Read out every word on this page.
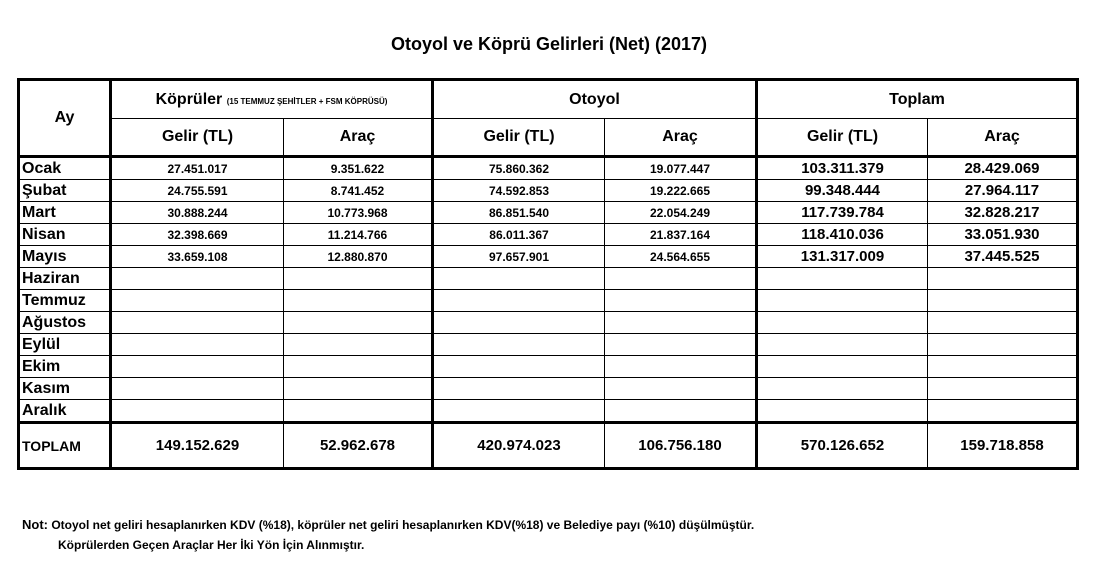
Otoyol ve Köprü Gelirleri (Net) (2017)
Ay	Köprüler (15 TEMMUZ ŞEHİTLER + FSM KÖPRÜSÜ)		Otoyol		Toplam	
	Gelir (TL)	Araç	Gelir (TL)	Araç	Gelir (TL)	Araç
Ocak	27.451.017	9.351.622	75.860.362	19.077.447	103.311.379	28.429.069
Şubat	24.755.591	8.741.452	74.592.853	19.222.665	99.348.444	27.964.117
Mart	30.888.244	10.773.968	86.851.540	22.054.249	117.739.784	32.828.217
Nisan	32.398.669	11.214.766	86.011.367	21.837.164	118.410.036	33.051.930
Mayıs	33.659.108	12.880.870	97.657.901	24.564.655	131.317.009	37.445.525
Haziran						
Temmuz						
Ağustos						
Eylül						
Ekim						
Kasım						
Aralık						
TOPLAM	149.152.629	52.962.678	420.974.023	106.756.180	570.126.652	159.718.858
Not: Otoyol net geliri hesaplanırken KDV (%18), köprüler net geliri hesaplanırken KDV(%18) ve Belediye payı (%10) düşülmüştür.
Köprülerden Geçen Araçlar Her İki Yön İçin Alınmıştır.
